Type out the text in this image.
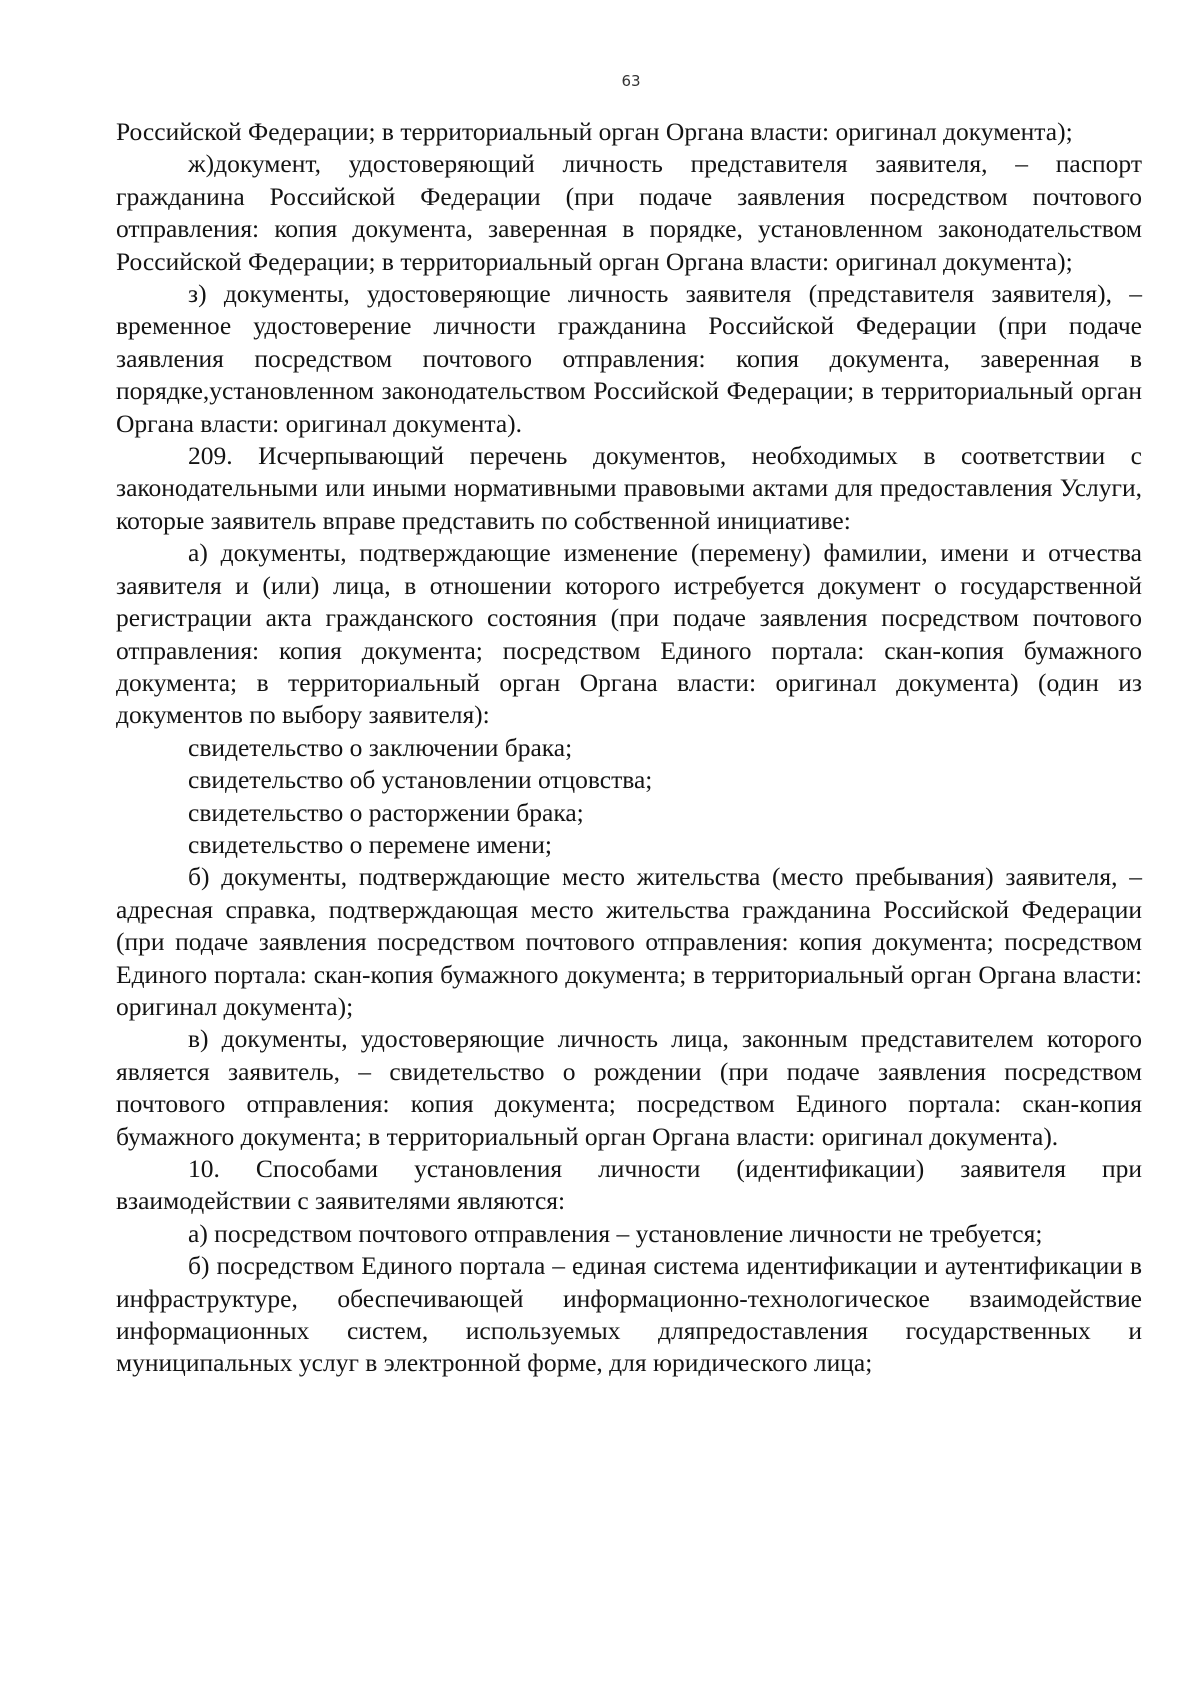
63

Российской Федерации; в территориальный орган Органа власти: оригинал документа);

ж)документ, удостоверяющий личность представителя заявителя, – паспорт гражданина Российской Федерации (при подаче заявления посредством почтового отправления: копия документа, заверенная в порядке, установленном законодательством Российской Федерации; в территориальный орган Органа власти: оригинал документа);

з) документы, удостоверяющие личность заявителя (представителя заявителя), – временное удостоверение личности гражданина Российской Федерации (при подаче заявления посредством почтового отправления: копия документа, заверенная в порядке,установленном законодательством Российской Федерации; в территориальный орган Органа власти: оригинал документа).

209. Исчерпывающий перечень документов, необходимых в соответствии с законодательными или иными нормативными правовыми актами для предоставления Услуги, которые заявитель вправе представить по собственной инициативе:

а) документы, подтверждающие изменение (перемену) фамилии, имени и отчества заявителя и (или) лица, в отношении которого истребуется документ о государственной регистрации акта гражданского состояния (при подаче заявления посредством почтового отправления: копия документа; посредством Единого портала: скан-копия бумажного документа; в территориальный орган Органа власти: оригинал документа) (один из документов по выбору заявителя):

свидетельство о заключении брака;

свидетельство об установлении отцовства;

свидетельство о расторжении брака;

свидетельство о перемене имени;

б) документы, подтверждающие место жительства (место пребывания) заявителя, – адресная справка, подтверждающая место жительства гражданина Российской Федерации (при подаче заявления посредством почтового отправления: копия документа; посредством Единого портала: скан-копия бумажного документа; в территориальный орган Органа власти: оригинал документа);

в) документы, удостоверяющие личность лица, законным представителем которого является заявитель, – свидетельство о рождении (при подаче заявления посредством почтового отправления: копия документа; посредством Единого портала: скан-копия бумажного документа; в территориальный орган Органа власти: оригинал документа).

10. Способами установления личности (идентификации) заявителя при взаимодействии с заявителями являются:

а) посредством почтового отправления – установление личности не требуется;

б) посредством Единого портала – единая система идентификации и аутентификации в инфраструктуре, обеспечивающей информационно-технологическое взаимодействие информационных систем, используемых дляпредоставления государственных и муниципальных услуг в электронной форме, для юридического лица;
